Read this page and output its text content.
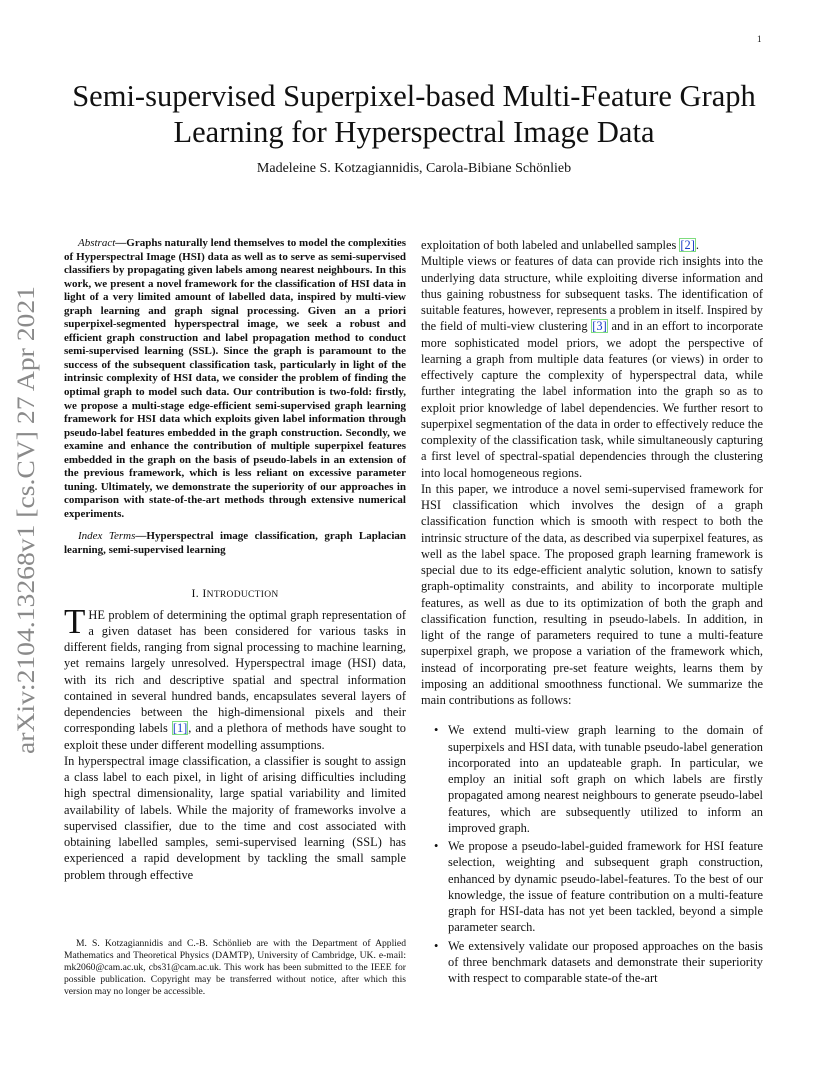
1
arXiv:2104.13268v1 [cs.CV] 27 Apr 2021
Semi-supervised Superpixel-based Multi-Feature Graph Learning for Hyperspectral Image Data
Madeleine S. Kotzagiannidis, Carola-Bibiane Schönlieb

Abstract—Graphs naturally lend themselves to model the complexities of Hyperspectral Image (HSI) data as well as to serve as semi-supervised classifiers by propagating given labels among nearest neighbours. In this work, we present a novel framework for the classification of HSI data in light of a very limited amount of labelled data, inspired by multi-view graph learning and graph signal processing. Given an a priori superpixel-segmented hyperspectral image, we seek a robust and efficient graph construction and label propagation method to conduct semi-supervised learning (SSL). Since the graph is paramount to the success of the subsequent classification task, particularly in light of the intrinsic complexity of HSI data, we consider the problem of finding the optimal graph to model such data. Our contribution is two-fold: firstly, we propose a multi-stage edge-efficient semi-supervised graph learning framework for HSI data which exploits given label information through pseudo-label features embedded in the graph construction. Secondly, we examine and enhance the contribution of multiple superpixel features embedded in the graph on the basis of pseudo-labels in an extension of the previous framework, which is less reliant on excessive parameter tuning. Ultimately, we demonstrate the superiority of our approaches in comparison with state-of-the-art methods through extensive numerical experiments.

Index Terms—Hyperspectral image classification, graph Laplacian learning, semi-supervised learning

I. INTRODUCTION

THE problem of determining the optimal graph representation of a given dataset has been considered for various tasks in different fields, ranging from signal processing to machine learning, yet remains largely unresolved. Hyperspectral image (HSI) data, with its rich and descriptive spatial and spectral information contained in several hundred bands, encapsulates several layers of dependencies between the high-dimensional pixels and their corresponding labels [1], and a plethora of methods have sought to exploit these under different modelling assumptions.

In hyperspectral image classification, a classifier is sought to assign a class label to each pixel, in light of arising difficulties including high spectral dimensionality, large spatial variability and limited availability of labels. While the majority of frameworks involve a supervised classifier, due to the time and cost associated with obtaining labelled samples, semi-supervised learning (SSL) has experienced a rapid development by tackling the small sample problem through effective

M. S. Kotzagiannidis and C.-B. Schönlieb are with the Department of Applied Mathematics and Theoretical Physics (DAMTP), University of Cambridge, UK. e-mail: mk2060@cam.ac.uk, cbs31@cam.ac.uk. This work has been submitted to the IEEE for possible publication. Copyright may be transferred without notice, after which this version may no longer be accessible.

exploitation of both labeled and unlabelled samples [2].

Multiple views or features of data can provide rich insights into the underlying data structure, while exploiting diverse information and thus gaining robustness for subsequent tasks. The identification of suitable features, however, represents a problem in itself. Inspired by the field of multi-view clustering [3] and in an effort to incorporate more sophisticated model priors, we adopt the perspective of learning a graph from multiple data features (or views) in order to effectively capture the complexity of hyperspectral data, while further integrating the label information into the graph so as to exploit prior knowledge of label dependencies. We further resort to superpixel segmentation of the data in order to effectively reduce the complexity of the classification task, while simultaneously capturing a first level of spectral-spatial dependencies through the clustering into local homogeneous regions.

In this paper, we introduce a novel semi-supervised framework for HSI classification which involves the design of a graph classification function which is smooth with respect to both the intrinsic structure of the data, as described via superpixel features, as well as the label space. The proposed graph learning framework is special due to its edge-efficient analytic solution, known to satisfy graph-optimality constraints, and ability to incorporate multiple features, as well as due to its optimization of both the graph and classification function, resulting in pseudo-labels. In addition, in light of the range of parameters required to tune a multi-feature superpixel graph, we propose a variation of the framework which, instead of incorporating pre-set feature weights, learns them by imposing an additional smoothness functional. We summarize the main contributions as follows:

• We extend multi-view graph learning to the domain of superpixels and HSI data, with tunable pseudo-label generation incorporated into an updateable graph. In particular, we employ an initial soft graph on which labels are firstly propagated among nearest neighbours to generate pseudo-label features, which are subsequently utilized to inform an improved graph.
• We propose a pseudo-label-guided framework for HSI feature selection, weighting and subsequent graph construction, enhanced by dynamic pseudo-label-features. To the best of our knowledge, the issue of feature contribution on a multi-feature graph for HSI-data has not yet been tackled, beyond a simple parameter search.
• We extensively validate our proposed approaches on the basis of three benchmark datasets and demonstrate their superiority with respect to comparable state-of the-art
